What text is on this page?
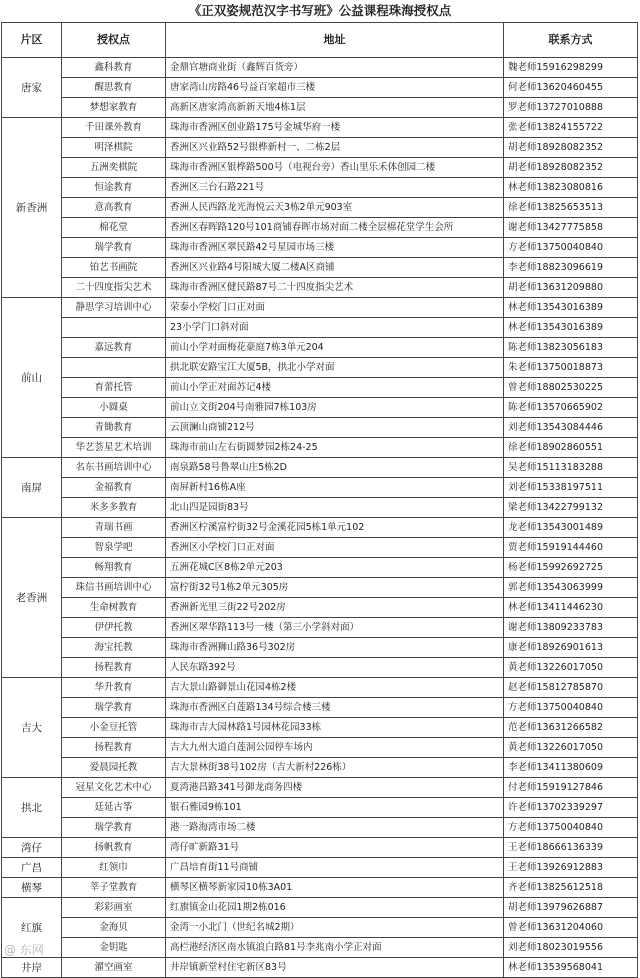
《正双姿规范汉字书写班》公益课程珠海授权点
片区	授权点	地址	联系方式
唐家	鑫科教育	金鼎官塘商业街（鑫辉百货旁）	魏老师15916298299
	醒思教育	唐家湾山房路46号益百家超市三楼	何老师13620460455
	梦想家教育	高新区唐家湾高新新天地4栋1层	罗老师13727010888
新香洲	千田课外教育	珠海市香洲区创业路175号金城华府一楼	张老师13824155722
	明泽棋院	香洲区兴业路52号银桦新村一、二栋2层	胡老师18928082352
	五洲奕棋院	珠海市香洲区银桦路500号（电视台旁）香山里乐禾体创园二楼	胡老师18928082352
	恒途教育	香洲区三台石路221号	林老师13823080816
	意高教育	香洲人民西路龙光海悦云天3栋2单元903室	徐老师13825653513
	棉花堂	香洲区春晖路120号101商铺春晖市场对面二楼全层棉花堂学生会所	谢老师13427775858
	瑞学教育	珠海市香洲区翠民路42号星园市场三楼	方老师13750040840
	铂艺书画院	香洲区兴业路4号阳城大厦二楼A区商铺	李老师18823096619
	二十四度指尖艺术	珠海市香洲区健民路87号二十四度指尖艺术	胡老师13631209880
前山	静思学习培训中心	荣泰小学校门口正对面	林老师13543016389
		23小学门口斜对面	林老师13543016389
	嘉远教育	前山小学对面梅花豪庭7栋3单元204	陈老师13823056183
		拱北联安路宝江大厦5B，拱北小学对面	朱老师13750018873
	育蕾托管	前山小学正对面苏记4楼	曾老师18802530225
	小圆桌	前山立文街204号南雅园7栋103房	陈老师13570665902
	青锄教育	云顶澜山商铺212号	刘老师13543084446
	华艺荟星艺术培训	珠海市前山左右街圆梦园2栋24-25	徐老师18902860551
南屏	名东书画培训中心	南泉路58号鲁翠山庄5栋2D	吴老师15113183288
	金福教育	南屏新村16栋A座	刘老师15338197511
	米多多教育	北山四是园街83号	梁老师13422799132
老香洲	青瑞书画	香洲区柠溪富柠街32号金溪花园5栋1单元102	龙老师13543001489
	智泉学吧	香洲区小学校门口正对面	贾老师15919144460
	畅翔教育	五洲花城C区8栋2单元203	杨老师15992692725
	珠信书画培训中心	富柠街32号1栋2单元305房	郭老师13543063999
	生命树教育	香洲新光里三街22号202房	林老师13411446230
	伊伊托教	香洲区翠华路113号一楼（第三小学斜对面）	谢老师13809233783
	海宝托教	珠海市香洲狮山路36号302房	康老师18926901613
	扬程教育	人民东路392号	黄老师13226017050
吉大	华升教育	吉大景山路御景山花园4栋2楼	赵老师15812785870
	瑞学教育	珠海市香洲区白莲路134号综合楼三楼	方老师13750040840
	小金豆托管	珠海市吉大园林路1号园林花园33栋	范老师13631266582
	扬程教育	吉大九州大道白莲洞公园停车场内	黄老师13226017050
	爱晨园托教	吉大景林街38号102房（吉大新村226栋）	李老师13411380609
拱北	冠星文化艺术中心	夏湾港昌路341号御龙商务四楼	付老师15919127846
	廷延古筝	银石雅园9栋101	许老师13702339297
	瑞学教育	港一路海湾市场二楼	方老师13750040840
湾仔	扬帆教育	湾仔旷新路31号	王老师18666136339
广昌	红领巾	广昌培育街11号商铺	王老师13926912883
横琴	莘子堂教育	横琴区横琴新家园10栋3A01	齐老师13825612518
红旗	彩彩画室	红旗镇金山花园1期2栋016	胡老师13979626887
	金海贝	金湾一小北门（世纪名城2期）	曾老师13631204060
	金钥匙	高栏港经济区南水镇浪白路81号李兆南小学正对面	刘老师18023019556
井岸	濯空画室	井岸镇新堂村住宅新区83号	林老师13539568041
@ 东网
